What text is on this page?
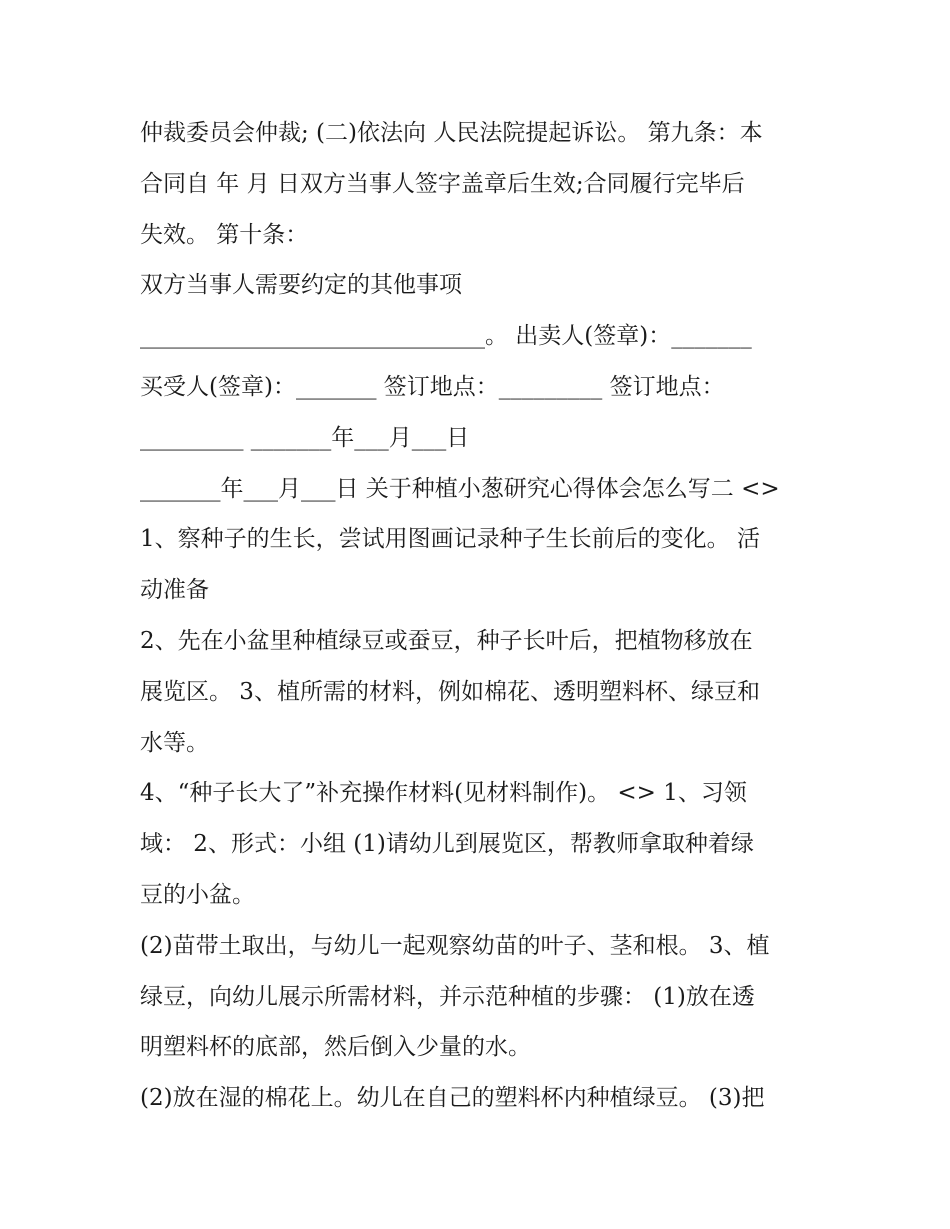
仲裁委员会仲裁; (二)依法向 人民法院提起诉讼。 第九条：本
合同自 年 月 日双方当事人签字盖章后生效;合同履行完毕后
失效。 第十条：
双方当事人需要约定的其他事项
______________________________。 出卖人(签章)：_______
买受人(签章)：_______ 签订地点：_________ 签订地点：
_________ _______年___月___日
_______年___月___日 关于种植小葱研究心得体会怎么写二 <>
1、察种子的生长，尝试用图画记录种子生长前后的变化。 活
动准备
2、先在小盆里种植绿豆或蚕豆，种子长叶后，把植物移放在
展览区。 3、植所需的材料，例如棉花、透明塑料杯、绿豆和
水等。
4、“种子长大了”补充操作材料(见材料制作)。 <> 1、习领
域： 2、形式：小组 (1)请幼儿到展览区，帮教师拿取种着绿
豆的小盆。
(2)苗带土取出，与幼儿一起观察幼苗的叶子、茎和根。 3、植
绿豆，向幼儿展示所需材料，并示范种植的步骤： (1)放在透
明塑料杯的底部，然后倒入少量的水。
(2)放在湿的棉花上。幼儿在自己的塑料杯内种植绿豆。 (3)把
